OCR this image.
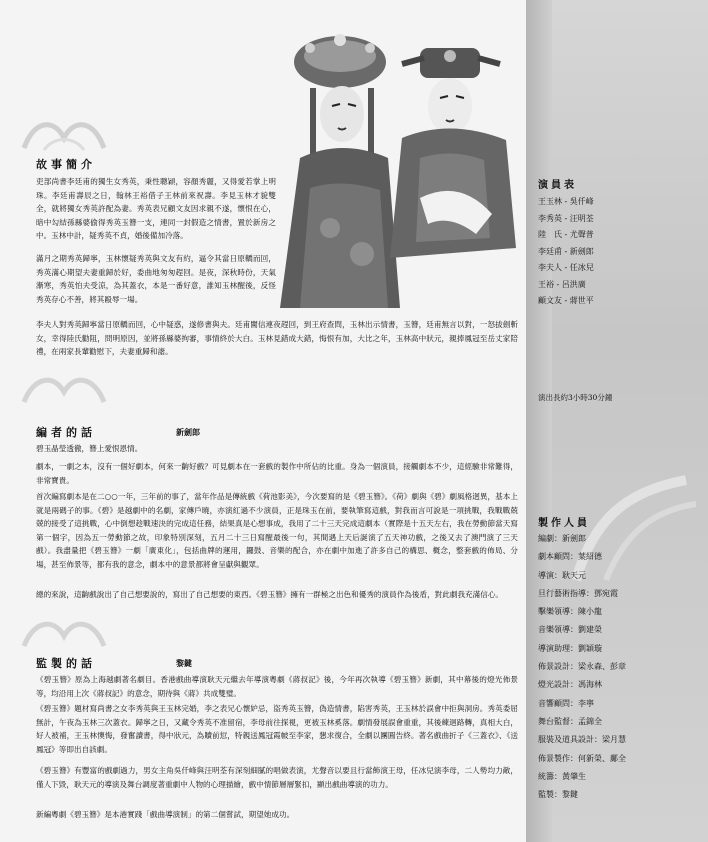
故事簡介

吏部尚書李廷甫的獨生女秀英，秉性聰穎，容顏秀麗，又得愛若掌上明珠。李廷甫壽辰之日，翰林王裕借子王林前來祝壽。李見玉林才貌雙全，就將獨女秀英許配為妻。秀英表兄顧文友因求親不遂，懷恨在心，暗中勾結孫縣婆偷得秀英玉簪一支，連同一封假造之情書，置於新房之中。玉林中計，疑秀英不貞，婚後備加冷落。

滿月之期秀英歸寧，玉林懷疑秀英與文友有約，逼令其當日原轎而回，秀英滿心期望夫妻重歸於好，委曲地匆匆趕回。是夜，深秋時份，天氣漸寒，秀英怕夫受涼，為其蓋衣，本是一番好意，誰知玉林醒後，反怪秀英存心不善，將其毆辱一場。

李夫人對秀英歸寧當日原轎而回，心中疑惑，遂修書與夫。廷甫闖信連夜趕回，到王府查問，玉林出示情書，玉簪，廷甫無言以對，一怒拔劍斬女，幸得陸氏勸阻，問明原因，並將孫縣婆拘審，事情終於大白。玉林見錯成大錯，悔恨有加，大比之年，玉林高中狀元，親捧鳳冠至岳丈家陪禮，在兩家長輩勸慰下，夫妻重歸和諧。

編者的話	新劍郎

碧玉晶瑩透徹，簪上愛恨恩情。

劇本，一劇之本，沒有一個好劇本，何來一齣好戲？可見劇本在一套戲的製作中所佔的比重。身為一個演員，接觸劇本不少，這經驗非常難得，非常寶貴。

首次編寫劇本是在二○○一年，三年前的事了，當年作品是傳統戲《荷池影美》，今次要寫的是《碧玉簪》。《荷》劇與《碧》劇風格迥異，基本上就是兩碼子的事。《碧》是越劇中的名劇，家傳戶曉，亦演紅過不少演員，正是珠玉在前，要執筆寫這戲，對我而言可說是一項挑戰，我戰戰兢兢的接受了這挑戰，心中倒想趁戰速決的完成這任務，結果真是心想事成，我用了二十三天完成這劇本（實際是十五天左右，我在勞動節當天寫第一個字，因為五一勞動節之故，印象特別深刻，五月二十三日寫醒最後一句，其間遇上天后誕演了五天神功戲，之後又去了澳門演了三天戲）。我盡量把《碧玉簪》一劇「廣東化」，包括曲牌的運用，鑼鼓、音樂的配合，亦在劇中加進了許多自己的構思、概念，整套戲的佈局、分場，甚至佈景等，都有我的意念，劇本中的意景都將會呈獻與觀眾。

總的來說，這齣戲說出了自己想要說的，寫出了自己想要的東西。《碧玉簪》擁有一群極之出色和優秀的演員作為後盾，對此劇我充滿信心。

監製的話	黎鍵

《碧玉簪》原為上海越劇著名劇目。香港戲曲導演耿天元繼去年導演粵劇《蔣叔記》後，今年再次執導《碧玉簪》新劇，其中幕後的燈光佈景等，均沿用上次《蔣叔記》的意念，期待與《蔣》共成雙璧。

《碧玉簪》題材寫尚書之女李秀英與王玉林完婚，李之表兄心懷妒忌，盜秀英玉簪，偽造情書，陷害秀英，王玉林於誤會中拒與洞房。秀英委屈無計，午夜為玉林三次蓋衣。歸寧之日，又藏令秀英不准留宿，李母前往探視，更被玉林奚落。劇情發展誤會重重，其後練迴路轉，真相大白，好人被補，王玉林懊悔，發奮讀書，得中狀元，為贖前愆，特親送鳳冠霞帔至李家，懇求復合，全劇以團圓告終。著名戲曲折子《三蓋衣》、《送鳳冠》等即出自該劇。

《碧玉簪》有豐富的戲劇過力，男女主角吳仟峰與汪明荃有深刻細膩的唱做表演，尤聲音以要且行當飾演王母，任冰兒演李母，二人勢均力敵，僅人下毀，耿天元的導演及舞台調度著重劇中人物的心理描繪，戲中情節層層緊扣，顯出戲曲導演的功力。

新編粵劇《碧玉簪》是本港實踐「戲曲導演制」的第二個嘗試，期望她成功。

演員表
王玉林 - 吳仟峰
李秀英 - 汪明荃
陸　氏 - 尤聲普
李廷甫 - 新劍郎
李夫人 - 任冰兒
王裕 - 呂洪廣
顧文友 - 蔣世平
演出長約3小時30分鐘
製作人員
編劇：新劍郎
劇本顧問：葉紹德
導演：耿天元
旦行藝術指導：鄧宛霞
擊樂領導：陳小龍
音樂領導：劉建榮
導演助理：劉穎璇
佈景設計：梁永森、彭章
燈光設計：馮海林
音響顧問：李寧
舞台監督：孟錦全
服裝及道具設計：梁月慧
佈景製作：何新榮、鄺全
統籌：黃肇生
監製：黎鍵
